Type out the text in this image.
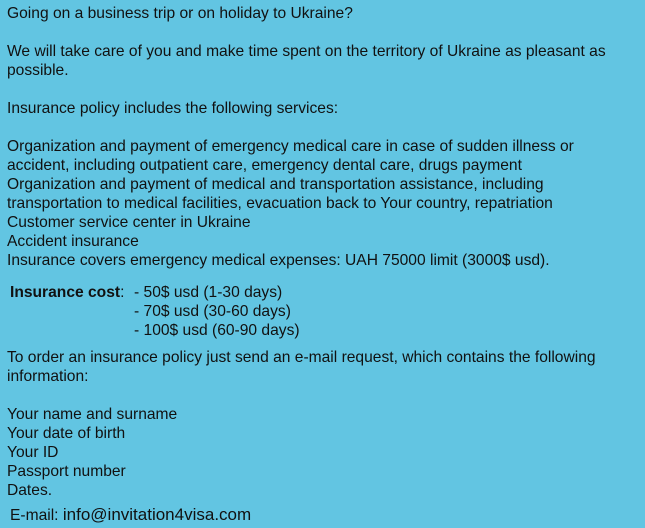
Going on a business trip or on holiday to Ukraine?

We will take care of you and make time spent on the territory of Ukraine as pleasant as possible.

Insurance policy includes the following services:

Organization and payment of emergency medical care in case of sudden illness or accident, including outpatient care, emergency dental care, drugs payment

Organization and payment of medical and transportation assistance, including transportation to medical facilities, evacuation back to Your country, repatriation

Customer service center in Ukraine

Accident insurance

Insurance covers emergency medical expenses: UAH 75000 limit (3000$ usd).

Insurance cost: - 50$ usd (1-30 days)
- 70$ usd (30-60 days)
- 100$ usd (60-90 days)

To order an insurance policy just send an e-mail request, which contains the following information:

Your name and surname

Your date of birth

Your ID

Passport number

Dates.

E-mail: info@invitation4visa.com
